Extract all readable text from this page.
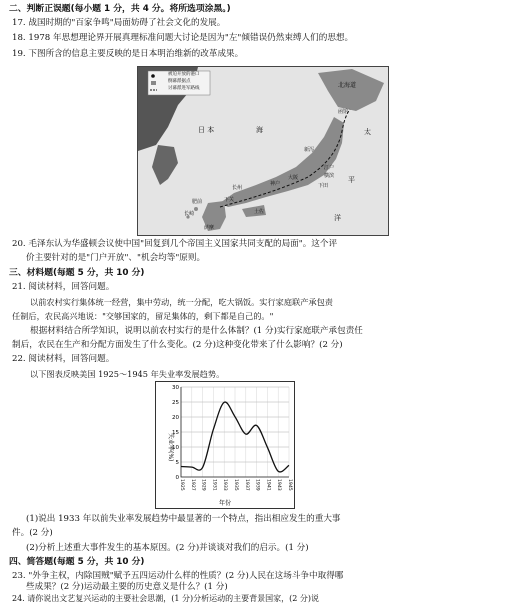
二、判断正误题(每小题 1 分，共 4 分。将所选项涂黑。)
17. 战国时期的"百家争鸣"局面妨碍了社会文化的发展。
18. 1978 年思想理论界开展真理标准问题大讨论是因为"左"倾错误仍然束缚人们的思想。
19. 下图所含的信息主要反映的是日本明治维新的改革成果。
被迫开放的港口
倒幕派据点
讨幕派进军路线	北海道
函馆
日 本	海	太
新泻
江户
横滨
下田
大阪
神户
长州
土佐
肥前
长崎
下关
萨摩
平
洋
20. 毛泽东认为华盛顿会议使中国"回复到几个帝国主义国家共同支配的局面"。这个评
价主要针对的是"门户开放"、"机会均等"原则。
三、材料题(每题 5 分，共 10 分)
21. 阅读材料，回答问题。
以前农村实行集体统一经营，集中劳动，统一分配，吃大锅饭。实行家庭联产承包责
任制后，农民高兴地说："交够国家的，留足集体的，剩下都是自己的。"
根据材料结合所学知识，说明以前农村实行的是什么体制？(1 分)实行家庭联产承包责任
制后，农民在生产和分配方面发生了什么变化。(2 分)这种变化带来了什么影响？(2 分)
22. 阅读材料，回答问题。
以下图表反映美国 1925～1945 年失业率发展趋势。
0
5
10
15
20
25
30
1925 1927 1929 1931 1933 1935 1937 1939 1941 1943 1945
失业率(%)
年份
(1)说出 1933 年以前失业率发展趋势中最显著的一个特点，指出相应发生的重大事
件。(2 分)
(2)分析上述重大事件发生的基本原因。(2 分)并谈谈对我们的启示。(1 分)
四、简答题(每题 5 分，共 10 分)
23. "外争主权，内除国贼"赋予五四运动什么样的性质？(2 分)人民在这场斗争中取得哪
些成果？(2 分)运动最主要的历史意义是什么？(1 分)
24. 请你说出文艺复兴运动的主要社会思潮，(1 分)分析运动的主要背景国家，(2 分)说
